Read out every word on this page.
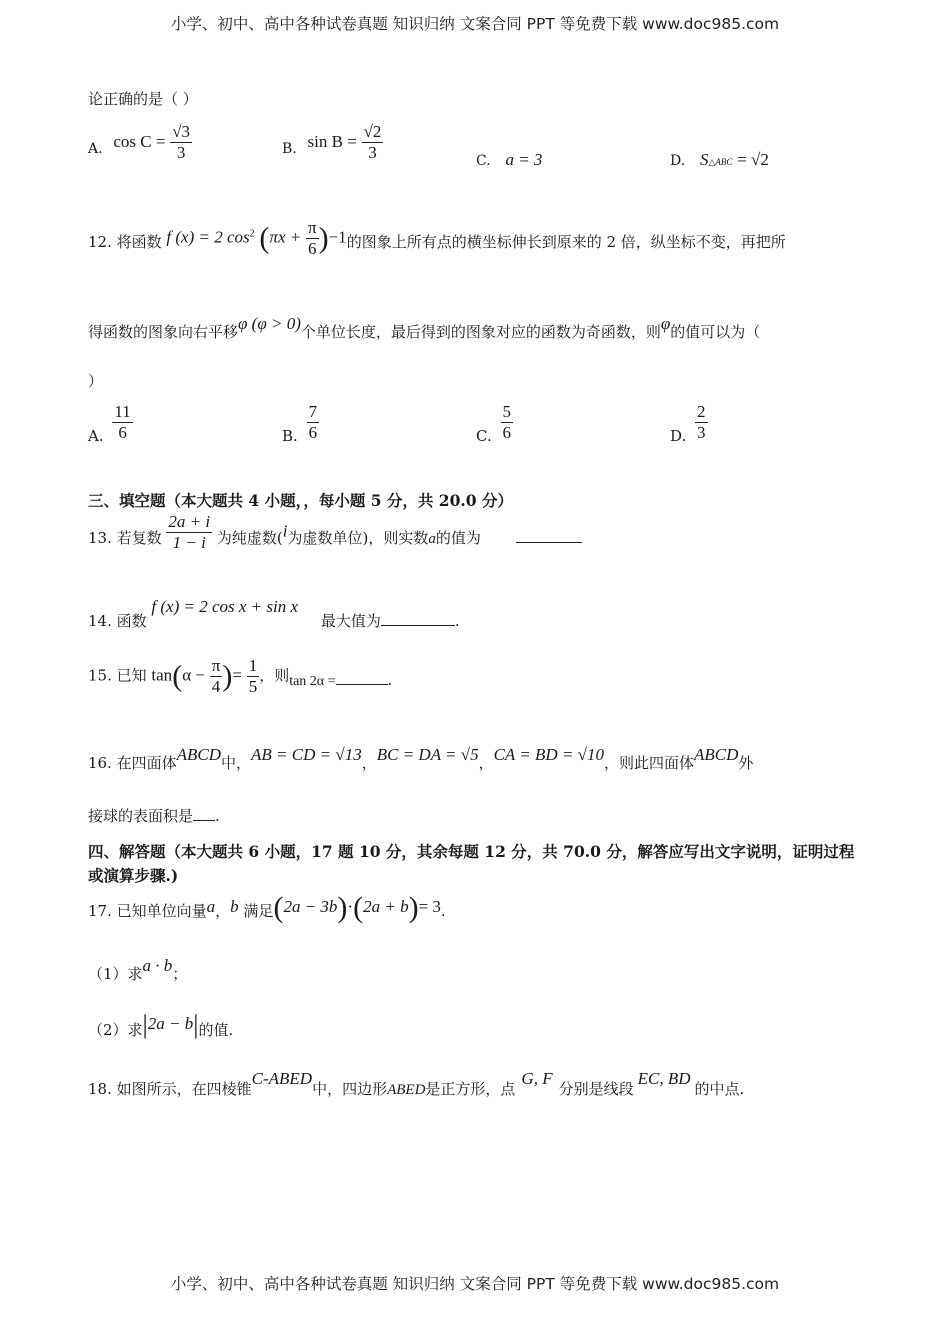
小学、初中、高中各种试卷真题 知识归纳 文案合同 PPT 等免费下载 www.doc985.com
论正确的是（ ）
A. $\cos C = \frac{√3}{3}$	B. $\sin B = \frac{√2}{3}$	C. a = 3	D. S△ABC = √2
12. 将函数 f (x) = 2 $\cos^2 (\pi x + \frac{\pi}{6} )-1$的图象上所有点的横坐标伸长到原来的 2 倍，纵坐标不变，再把所
得函数的图象向右平移φ (φ > 0)个单位长度，最后得到的图象对应的函数为奇函数，则φ的值可以为（
）
A. $\frac{11}{6}$	B. $\frac{7}{6}$	C. $\frac{5}{6}$	D. $\frac{2}{3}$
三、填空题（本大题共 4 小题，，每小题 5 分，共 20.0 分）
13. 若复数 $\frac{2a + i}{1 - i}$ 为纯虚数(i为虚数单位)，则实数a的值为
14. 函数 f (x) = 2 cos x + sin x 最大值为	.
15. 已知 $\tan(\alpha - \frac{\pi}{4}$ )= $\frac{1}{5}$ ，则tan 2α =	.
16. 在四面体ABCD中，AB = CD = √13，BC = DA = √5，CA = BD = √10，则此四面体ABCD外
接球的表面积是 .
四、解答题（本大题共 6 小题，17 题 10 分，其余每题 12 分，共 70.0 分，解答应写出文字说明，证明过程
或演算步骤.)
17. 已知单位向量a，b 满足(2a − 3b)·(2a + b)= 3.
（1）求a · b；
（2）求|2a − b|的值.
18. 如图所示，在四棱锥C-ABED中，四边形ABED是正方形，点G, F分别是线段EC, BD的中点.
小学、初中、高中各种试卷真题 知识归纳 文案合同 PPT 等免费下载 www.doc985.com
